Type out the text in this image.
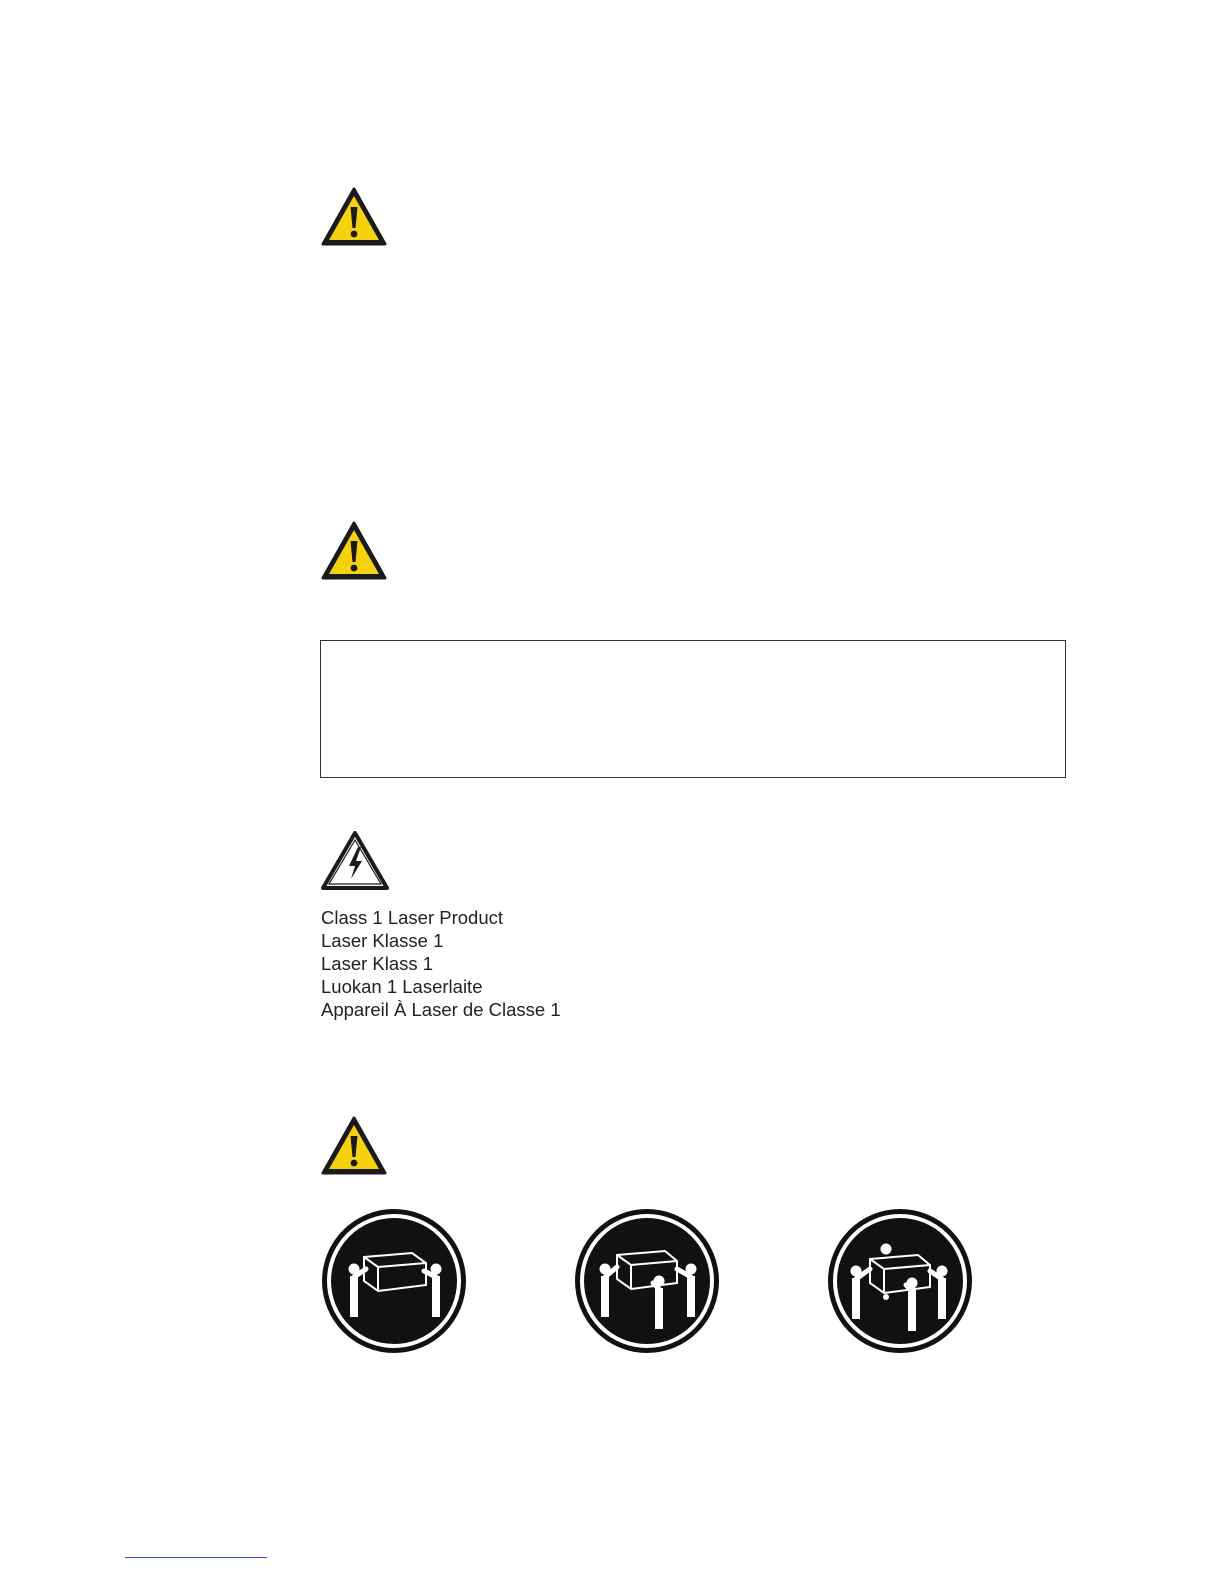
Class 1 Laser Product
Laser Klasse 1
Laser Klass 1
Luokan 1 Laserlaite
Appareil À Laser de Classe 1
